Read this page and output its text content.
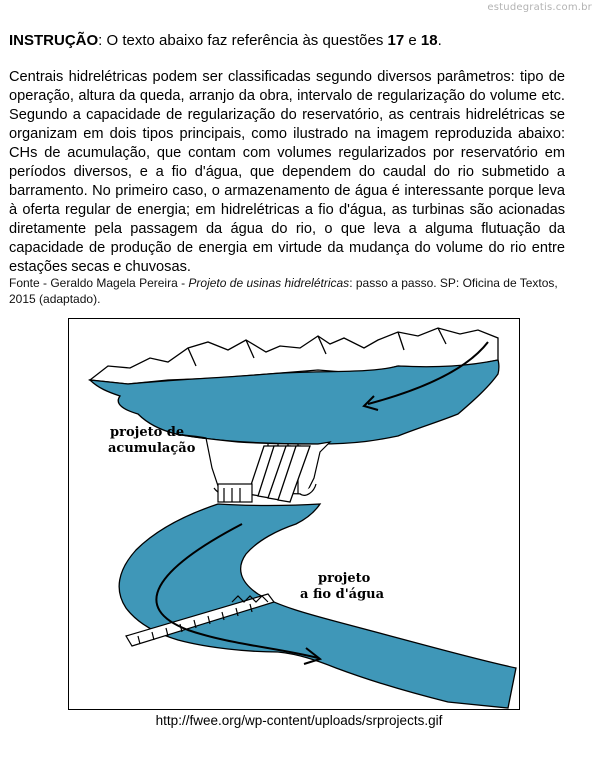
estudegratis.com.br
INSTRUÇÃO: O texto abaixo faz referência às questões 17 e 18.
Centrais hidrelétricas podem ser classificadas segundo diversos parâmetros: tipo de operação, altura da queda, arranjo da obra, intervalo de regularização do volume etc. Segundo a capacidade de regularização do reservatório, as centrais hidrelétricas se organizam em dois tipos principais, como ilustrado na imagem reproduzida abaixo: CHs de acumulação, que contam com volumes regularizados por reservatório em períodos diversos, e a fio d'água, que dependem do caudal do rio submetido a barramento. No primeiro caso, o armazenamento de água é interessante porque leva à oferta regular de energia; em hidrelétricas a fio d'água, as turbinas são acionadas diretamente pela passagem da água do rio, o que leva a alguma flutuação da capacidade de produção de energia em virtude da mudança do volume do rio entre estações secas e chuvosas.
Fonte - Geraldo Magela Pereira - Projeto de usinas hidrelétricas: passo a passo. SP: Oficina de Textos, 2015 (adaptado).
projeto de
acumulação
projeto
a fio d'água
http://fwee.org/wp-content/uploads/srprojects.gif
